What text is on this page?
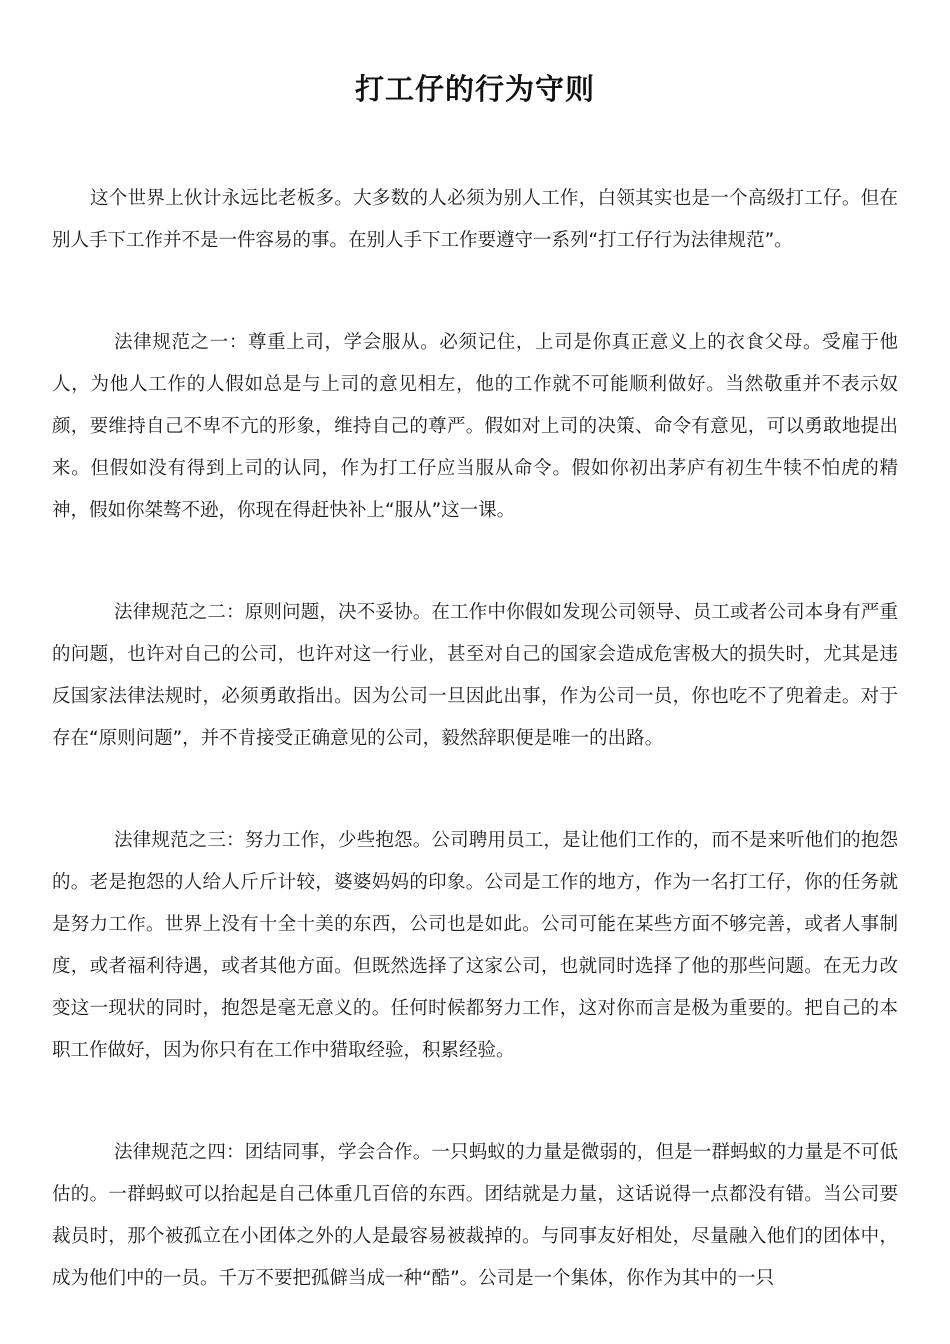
打工仔的行为守则

这个世界上伙计永远比老板多。大多数的人必须为别人工作，白领其实也是一个高级打工仔。但在别人手下工作并不是一件容易的事。在别人手下工作要遵守一系列“打工仔行为法律规范”。

法律规范之一：尊重上司，学会服从。必须记住，上司是你真正意义上的衣食父母。受雇于他人，为他人工作的人假如总是与上司的意见相左，他的工作就不可能顺利做好。当然敬重并不表示奴颜，要维持自己不卑不亢的形象，维持自己的尊严。假如对上司的决策、命令有意见，可以勇敢地提出来。但假如没有得到上司的认同，作为打工仔应当服从命令。假如你初出茅庐有初生牛犊不怕虎的精神，假如你桀骜不逊，你现在得赶快补上“服从”这一课。

法律规范之二：原则问题，决不妥协。在工作中你假如发现公司领导、员工或者公司本身有严重的问题，也许对自己的公司，也许对这一行业，甚至对自己的国家会造成危害极大的损失时，尤其是违反国家法律法规时，必须勇敢指出。因为公司一旦因此出事，作为公司一员，你也吃不了兜着走。对于存在“原则问题”，并不肯接受正确意见的公司，毅然辞职便是唯一的出路。

法律规范之三：努力工作，少些抱怨。公司聘用员工，是让他们工作的，而不是来听他们的抱怨的。老是抱怨的人给人斤斤计较，婆婆妈妈的印象。公司是工作的地方，作为一名打工仔，你的任务就是努力工作。世界上没有十全十美的东西，公司也是如此。公司可能在某些方面不够完善，或者人事制度，或者福利待遇，或者其他方面。但既然选择了这家公司，也就同时选择了他的那些问题。在无力改变这一现状的同时，抱怨是毫无意义的。任何时候都努力工作，这对你而言是极为重要的。把自己的本职工作做好，因为你只有在工作中猎取经验，积累经验。

法律规范之四：团结同事，学会合作。一只蚂蚁的力量是微弱的，但是一群蚂蚁的力量是不可低估的。一群蚂蚁可以抬起是自己体重几百倍的东西。团结就是力量，这话说得一点都没有错。当公司要裁员时，那个被孤立在小团体之外的人是最容易被裁掉的。与同事友好相处，尽量融入他们的团体中，成为他们中的一员。千万不要把孤僻当成一种“酷”。公司是一个集体，你作为其中的一只
